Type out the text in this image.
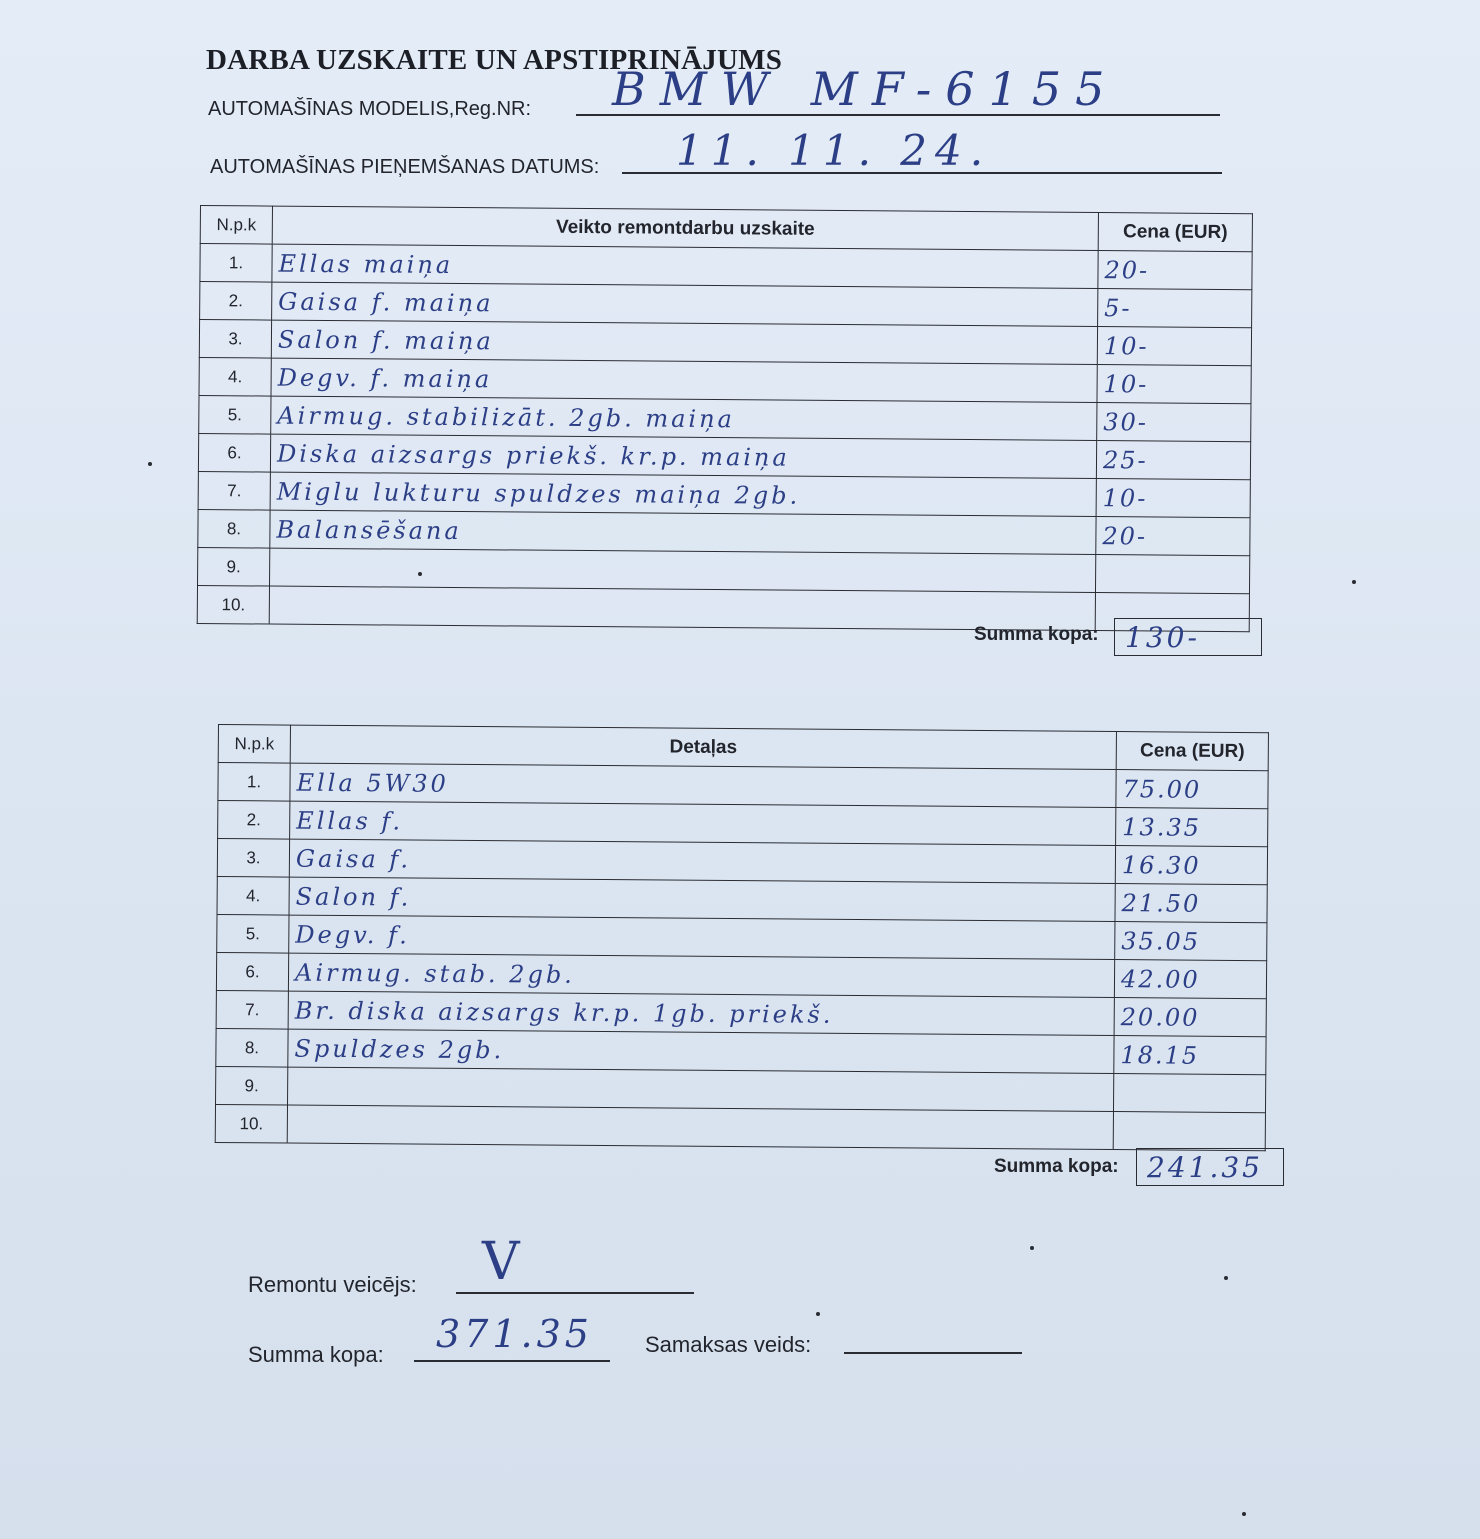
DARBA UZSKAITE UN APSTIPRINĀJUMS
AUTOMAŠĪNAS MODELIS,Reg.NR: BMW MF-6155
AUTOMAŠĪNAS PIEŅEMŠANAS DATUMS: 11. 11. 24.
N.p.k	Veikto remontdarbu uzskaite	Cena (EUR)
1.	Ellas maiņa	20-
2.	Gaisa f. maiņa	5-
3.	Salon f. maiņa	10-
4.	Degv. f. maiņa	10-
5.	Airmug. stabilizāt. 2gb. maiņa	30-
6.	Diska aizsargs priekš. kr.p. maiņa	25-
7.	Miglu lukturu spuldzes maiņa 2gb.	10-
8.	Balansēšana	20-
9.		
10.		
Summa kopa: 130-
N.p.k	Detaļas	Cena (EUR)
1.	Ella 5W30	75.00
2.	Ellas f.	13.35
3.	Gaisa f.	16.30
4.	Salon f.	21.50
5.	Degv. f.	35.05
6.	Airmug. stab. 2gb.	42.00
7.	Br. diska aizsargs kr.p. 1gb. priekš.	20.00
8.	Spuldzes 2gb.	18.15
9.		
10.		
Summa kopa:	241.35
Remontu veicējs: V
Summa kopa: 371.35 Samaksas veids:
